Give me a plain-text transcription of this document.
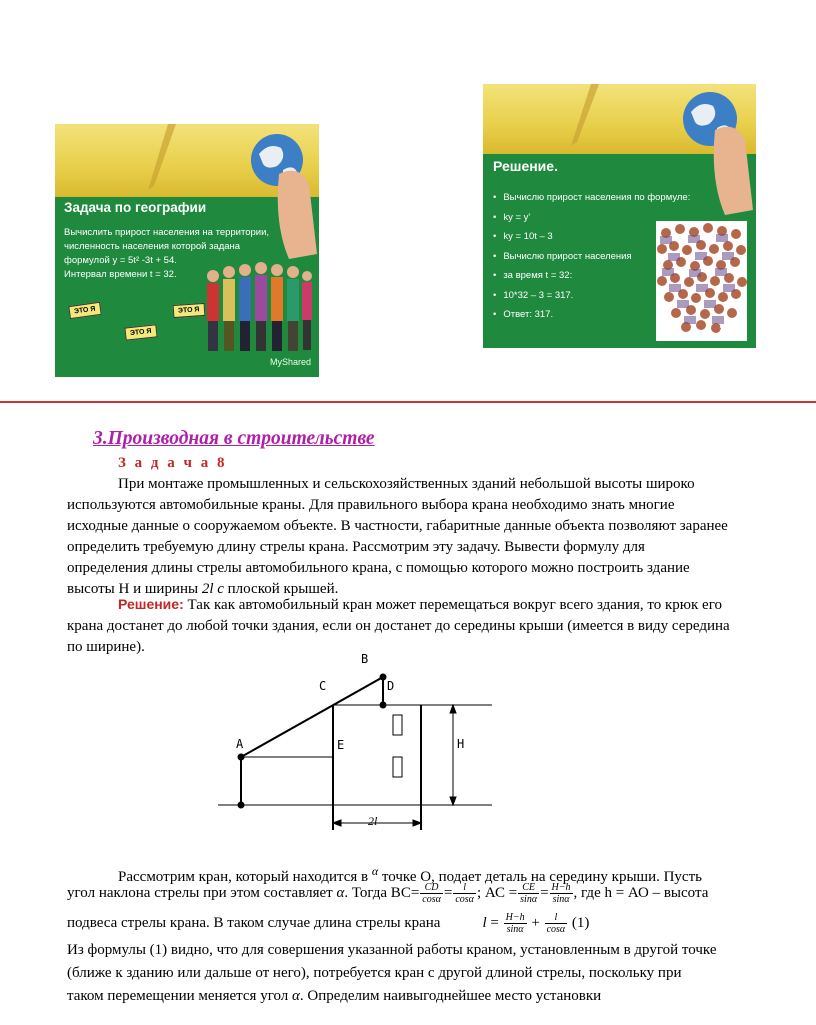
Задача по географии
Вычислить прирост населения на территории,
численность населения которой задана
формулой y = 5t² -3t + 54.
Интервал времени t = 32.
ЭТО Я
ЭТО Я
ЭТО Я
MyShared
Решение.
• Вычислю прирост населения по формуле:
• ky = y'
• ky = 10t – 3
• Вычислю прирост населения
• за время t = 32:
• 10*32 – 3 = 317.
• Ответ: 317.
Shared
3.Производная в строительстве
З а д а ч а 8
При монтаже промышленных и сельскохозяйственных зданий небольшой высоты широко
используются автомобильные краны. Для правильного выбора крана необходимо знать многие
исходные данные о сооружаемом объекте. В частности, габаритные данные объекта позволяют заранее
определить требуемую длину стрелы крана. Рассмотрим эту задачу. Вывести формулу для
определения длины стрелы автомобильного крана, с помощью которого можно построить здание
высоты Н и ширины 2l с плоской крышей.
Решение: Так как автомобильный кран может перемещаться вокруг всего здания, то крюк его
крана достанет до любой точки здания, если он достанет до середины крыши (имеется в виду середина
по ширине).
B
C	D
A	E	H
2l
Рассмотрим кран, который находится в $^\alpha$ точке О, подает деталь на середину крыши. Пусть
угол наклона стрелы при этом составляет α. Тогда $ВС= \frac{CD}{\cos\alpha} = \frac{l}{\cos\alpha}$ ; АС = $\frac{CE}{\sin\alpha} = \frac{H-h}{\sin\alpha}$ , где h = АО – высота
подвеса стрелы крана. В таком случае длина стрелы крана	$l = \frac{H-h}{\sin\alpha} + \frac{l}{\cos\alpha} (1)$
Из формулы (1) видно, что для совершения указанной работы краном, установленным в другой точке
(ближе к зданию или дальше от него), потребуется кран с другой длиной стрелы, поскольку при
таком перемещении меняется угол α. Определим наивыгоднейшее место установки
